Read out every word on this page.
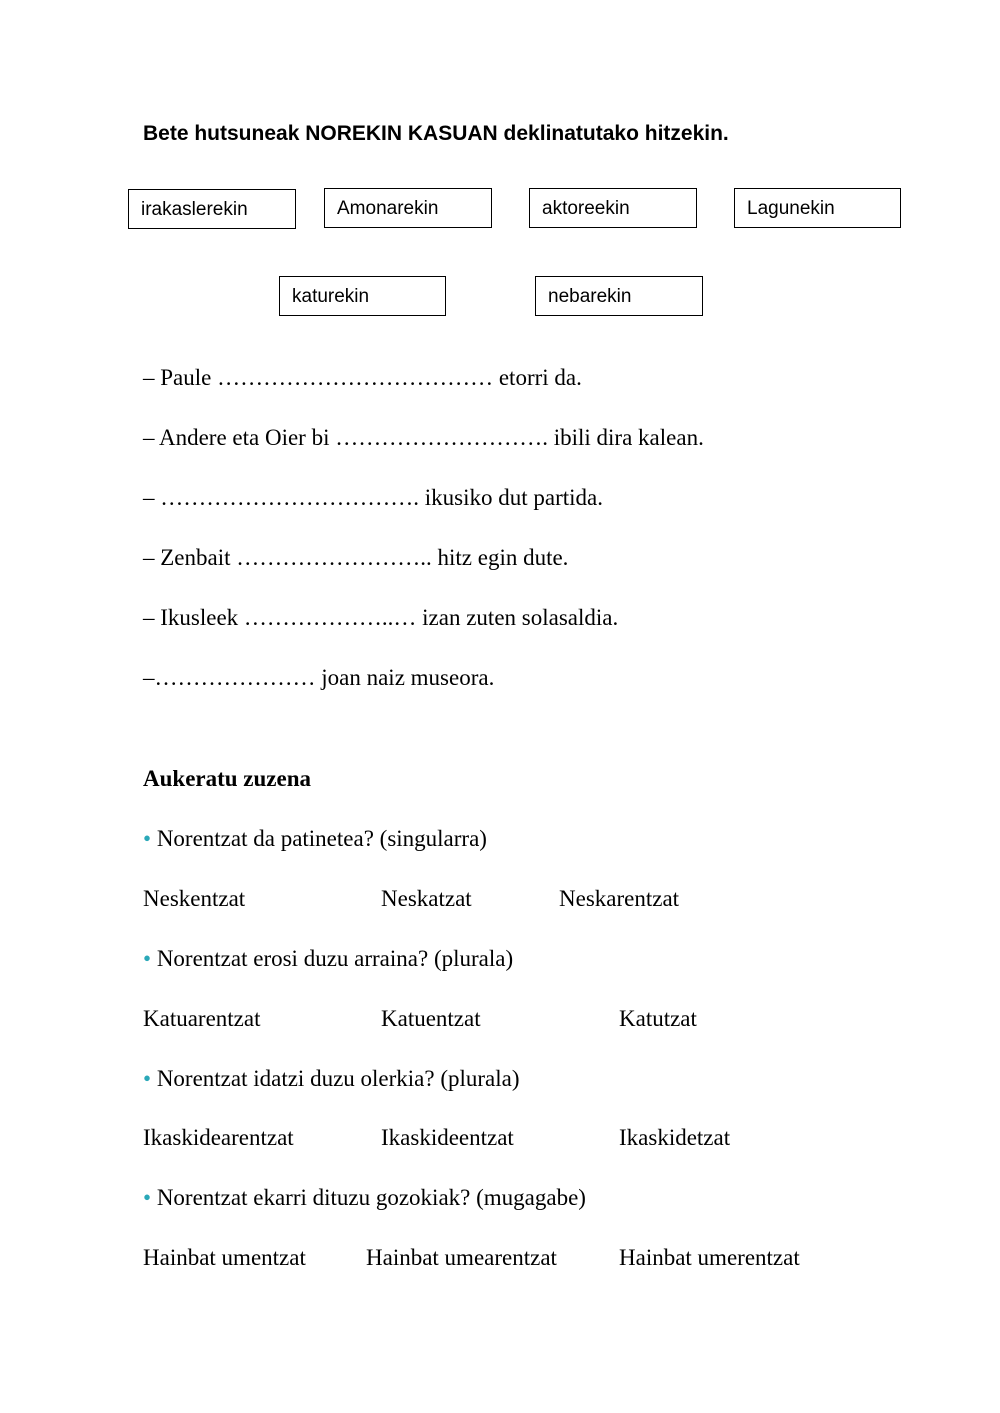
Bete hutsuneak NOREKIN KASUAN deklinatutako hitzekin.
irakaslerekin	Amonarekin	aktoreekin	Lagunekin
katurekin	nebarekin
– Paule ……………………………… etorri da.
– Andere eta Oier bi ………………………. ibili dira kalean.
– ……………………………. ikusiko dut partida.
– Zenbait …………………….. hitz egin dute.
– Ikusleek ………………..… izan zuten solasaldia.
–………………… joan naiz museora.
Aukeratu zuzena
• Norentzat da patinetea? (singularra)
Neskentzat	Neskatzat	Neskarentzat
• Norentzat erosi duzu arraina? (plurala)
Katuarentzat	Katuentzat	Katutzat
• Norentzat idatzi duzu olerkia? (plurala)
Ikaskidearentzat	Ikaskideentzat	Ikaskidetzat
• Norentzat ekarri dituzu gozokiak? (mugagabe)
Hainbat umentzat	Hainbat umearentzat	Hainbat umerentzat
